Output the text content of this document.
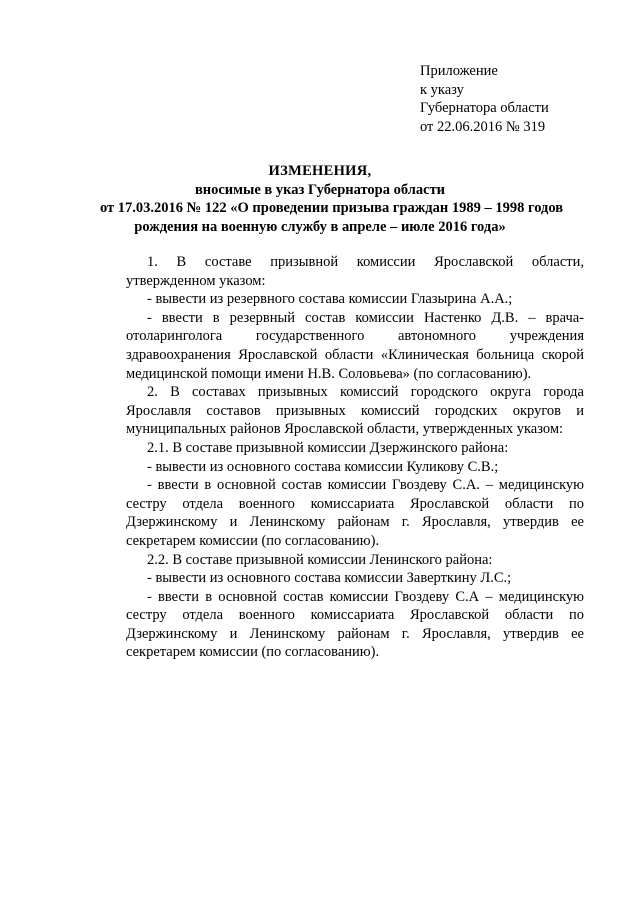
Приложение
к указу
Губернатора области
от 22.06.2016 № 319
ИЗМЕНЕНИЯ,
вносимые в указ Губернатора области
от 17.03.2016 № 122 «О проведении призыва граждан 1989 – 1998 годов
рождения на военную службу в апреле – июле 2016 года»

1. В составе призывной комиссии Ярославской области, утвержденном указом:

- вывести из резервного состава комиссии Глазырина А.А.;

- ввести в резервный состав комиссии Настенко Д.В. – врача-отоларинголога государственного автономного учреждения здравоохранения Ярославской области «Клиническая больница скорой медицинской помощи имени Н.В. Соловьева» (по согласованию).

2. В составах призывных комиссий городского округа города Ярославля составов призывных комиссий городских округов и муниципальных районов Ярославской области, утвержденных указом:

2.1. В составе призывной комиссии Дзержинского района:

- вывести из основного состава комиссии Куликову С.В.;

- ввести в основной состав комиссии Гвоздеву С.А. – медицинскую сестру отдела военного комиссариата Ярославской области по Дзержинскому и Ленинскому районам г. Ярославля, утвердив ее секретарем комиссии (по согласованию).

2.2. В составе призывной комиссии Ленинского района:

- вывести из основного состава комиссии Заверткину Л.С.;

- ввести в основной состав комиссии Гвоздеву С.А – медицинскую сестру отдела военного комиссариата Ярославской области по Дзержинскому и Ленинскому районам г. Ярославля, утвердив ее секретарем комиссии (по согласованию).
